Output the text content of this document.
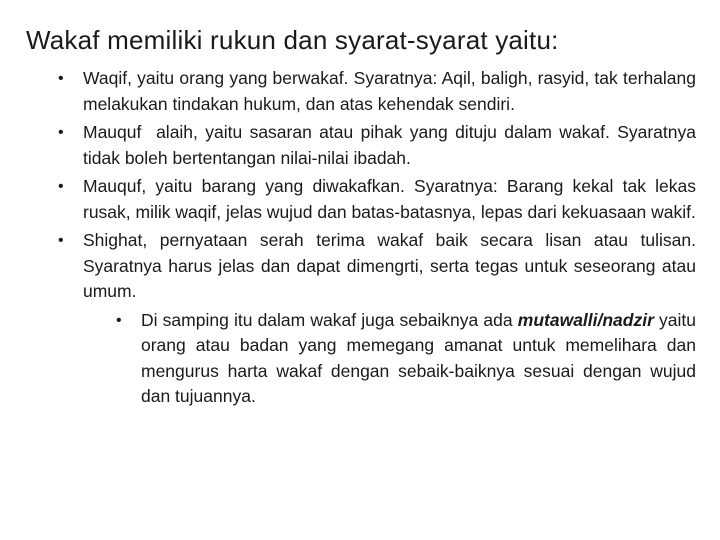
Wakaf memiliki rukun dan syarat-syarat yaitu:
• Waqif, yaitu orang yang berwakaf. Syaratnya: Aqil, baligh, rasyid, tak terhalang melakukan tindakan hukum, dan atas kehendak sendiri.
• Mauquf  alaih, yaitu sasaran atau pihak yang dituju dalam wakaf. Syaratnya tidak boleh bertentangan nilai-nilai ibadah.
• Mauquf, yaitu barang yang diwakafkan. Syaratnya: Barang kekal tak lekas rusak, milik waqif, jelas wujud dan batas-batasnya, lepas dari kekuasaan wakif.
• Shighat, pernyataan serah terima wakaf baik secara lisan atau tulisan. Syaratnya harus jelas dan dapat dimengrti, serta tegas untuk seseorang atau umum.
• Di samping itu dalam wakaf juga sebaiknya ada mutawalli/nadzir yaitu orang atau badan yang memegang amanat untuk memelihara dan mengurus harta wakaf dengan sebaik-baiknya sesuai dengan wujud dan tujuannya.
